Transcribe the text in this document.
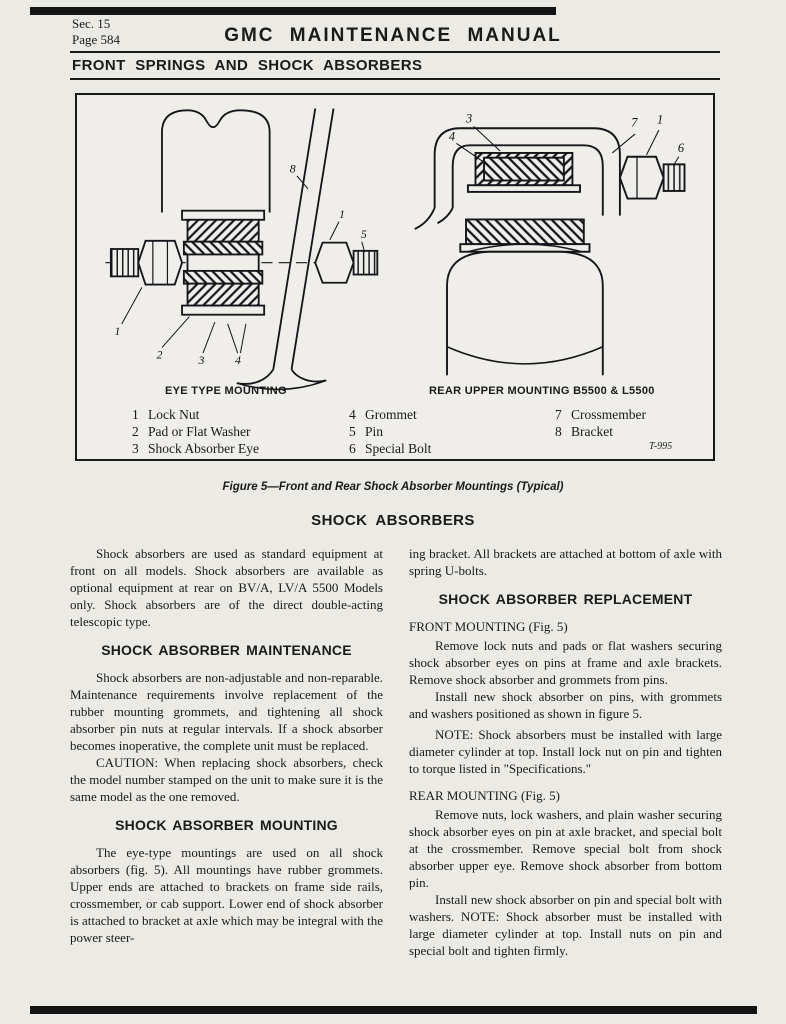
Sec. 15
Page 584	GMC MAINTENANCE MANUAL
FRONT SPRINGS AND SHOCK ABSORBERS
8
1
5
1
2	3 4
3
4
7 1
6
EYE TYPE MOUNTING	REAR UPPER MOUNTING B5500 & L5500
1 Lock Nut
2 Pad or Flat Washer
3 Shock Absorber Eye
4 Grommet
5 Pin
6 Special Bolt
7 Crossmember
8 Bracket
T-995

Figure 5—Front and Rear Shock Absorber Mountings (Typical)

SHOCK ABSORBERS

Shock absorbers are used as standard equipment at front on all models. Shock absorbers are available as optional equipment at rear on BV/A, LV/A 5500 Models only. Shock absorbers are of the direct double-acting telescopic type.

SHOCK ABSORBER MAINTENANCE

Shock absorbers are non-adjustable and non-reparable. Maintenance requirements involve replacement of the rubber mounting grommets, and tightening all shock absorber pin nuts at regular intervals. If a shock absorber becomes inoperative, the complete unit must be replaced.

CAUTION: When replacing shock absorbers, check the model number stamped on the unit to make sure it is the same model as the one removed.

SHOCK ABSORBER MOUNTING

The eye-type mountings are used on all shock absorbers (fig. 5). All mountings have rubber grommets. Upper ends are attached to brackets on frame side rails, crossmember, or cab support. Lower end of shock absorber is attached to bracket at axle which may be integral with the power steer-

ing bracket. All brackets are attached at bottom of axle with spring U-bolts.

SHOCK ABSORBER REPLACEMENT

FRONT MOUNTING (Fig. 5)

Remove lock nuts and pads or flat washers securing shock absorber eyes on pins at frame and axle brackets. Remove shock absorber and grommets from pins.

Install new shock absorber on pins, with grommets and washers positioned as shown in figure 5.

NOTE: Shock absorbers must be installed with large diameter cylinder at top. Install lock nut on pin and tighten to torque listed in "Specifications."

REAR MOUNTING (Fig. 5)

Remove nuts, lock washers, and plain washer securing shock absorber eyes on pin at axle bracket, and special bolt at the crossmember. Remove special bolt from shock absorber upper eye. Remove shock absorber from bottom pin.

Install new shock absorber on pin and special bolt with washers. NOTE: Shock absorber must be installed with large diameter cylinder at top. Install nuts on pin and special bolt and tighten firmly.
